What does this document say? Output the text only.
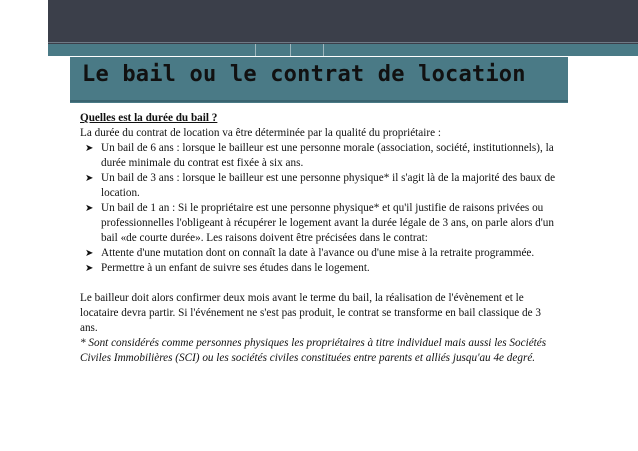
Le bail ou le contrat de location

Quelles est la durée du bail ?

La durée du contrat de location va être déterminée par la qualité du propriétaire :

➤ Un bail de 6 ans : lorsque le bailleur est une personne morale (association, société, institutionnels), la durée minimale du contrat est fixée à six ans.
➤ Un bail de 3 ans : lorsque le bailleur est une personne physique* il s'agit là de la majorité des baux de location.
➤ Un bail de 1 an : Si le propriétaire est une personne physique* et qu'il justifie de raisons privées ou professionnelles l'obligeant à récupérer le logement avant la durée légale de 3 ans, on parle alors d'un bail «de courte durée». Les raisons doivent être précisées dans le contrat:
➤ Attente d'une mutation dont on connaît la date à l'avance ou d'une mise à la retraite programmée.
➤ Permettre à un enfant de suivre ses études dans le logement.

Le bailleur doit alors confirmer deux mois avant le terme du bail, la réalisation de l'évènement et le locataire devra partir. Si l'événement ne s'est pas produit, le contrat se transforme en bail classique de 3 ans.

* Sont considérés comme personnes physiques les propriétaires à titre individuel mais aussi les Sociétés Civiles Immobilières (SCI) ou les sociétés civiles constituées entre parents et alliés jusqu'au 4e degré.
